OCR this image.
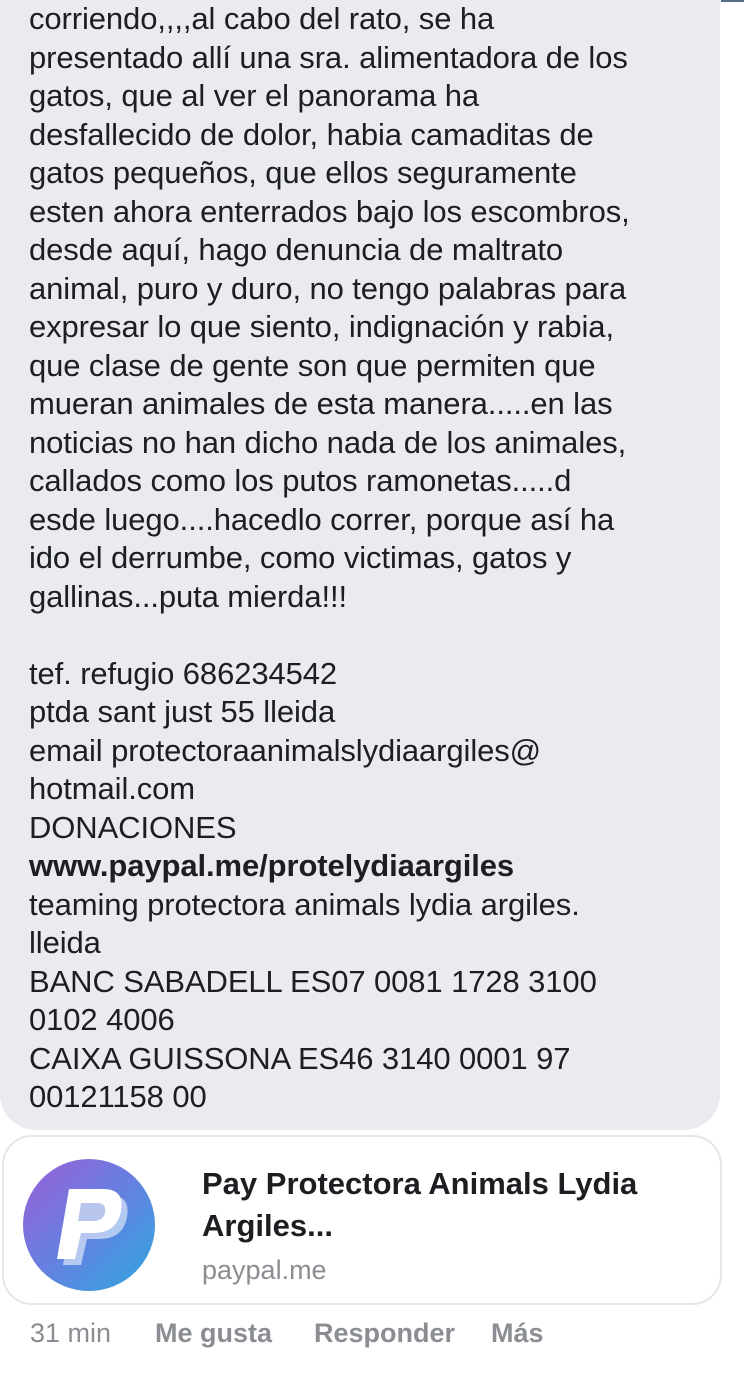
corriendo,,,,al cabo del rato, se ha
presentado allí una sra. alimentadora de los
gatos, que al ver el panorama ha
desfallecido de dolor, habia camaditas de
gatos pequeños, que ellos seguramente
esten ahora enterrados bajo los escombros,
desde aquí, hago denuncia de maltrato
animal, puro y duro, no tengo palabras para
expresar lo que siento, indignación y rabia,
que clase de gente son que permiten que
mueran animales de esta manera.....en las
noticias no han dicho nada de los animales,
callados como los putos ramonetas.....d
esde luego....hacedlo correr, porque así ha
ido el derrumbe, como victimas, gatos y
gallinas...puta mierda!!!
tef. refugio 686234542
ptda sant just 55 lleida
email protectoraanimalslydiaargiles@
hotmail.com
DONACIONES
www.paypal.me/protelydiaargiles
teaming protectora animals lydia argiles.
lleida
BANC SABADELL ES07 0081 1728 3100
0102 4006
CAIXA GUISSONA ES46 3140 0001 97
00121158 00
Pay Protectora Animals Lydia
Argiles...
paypal.me
31 min Me gusta Responder Más
